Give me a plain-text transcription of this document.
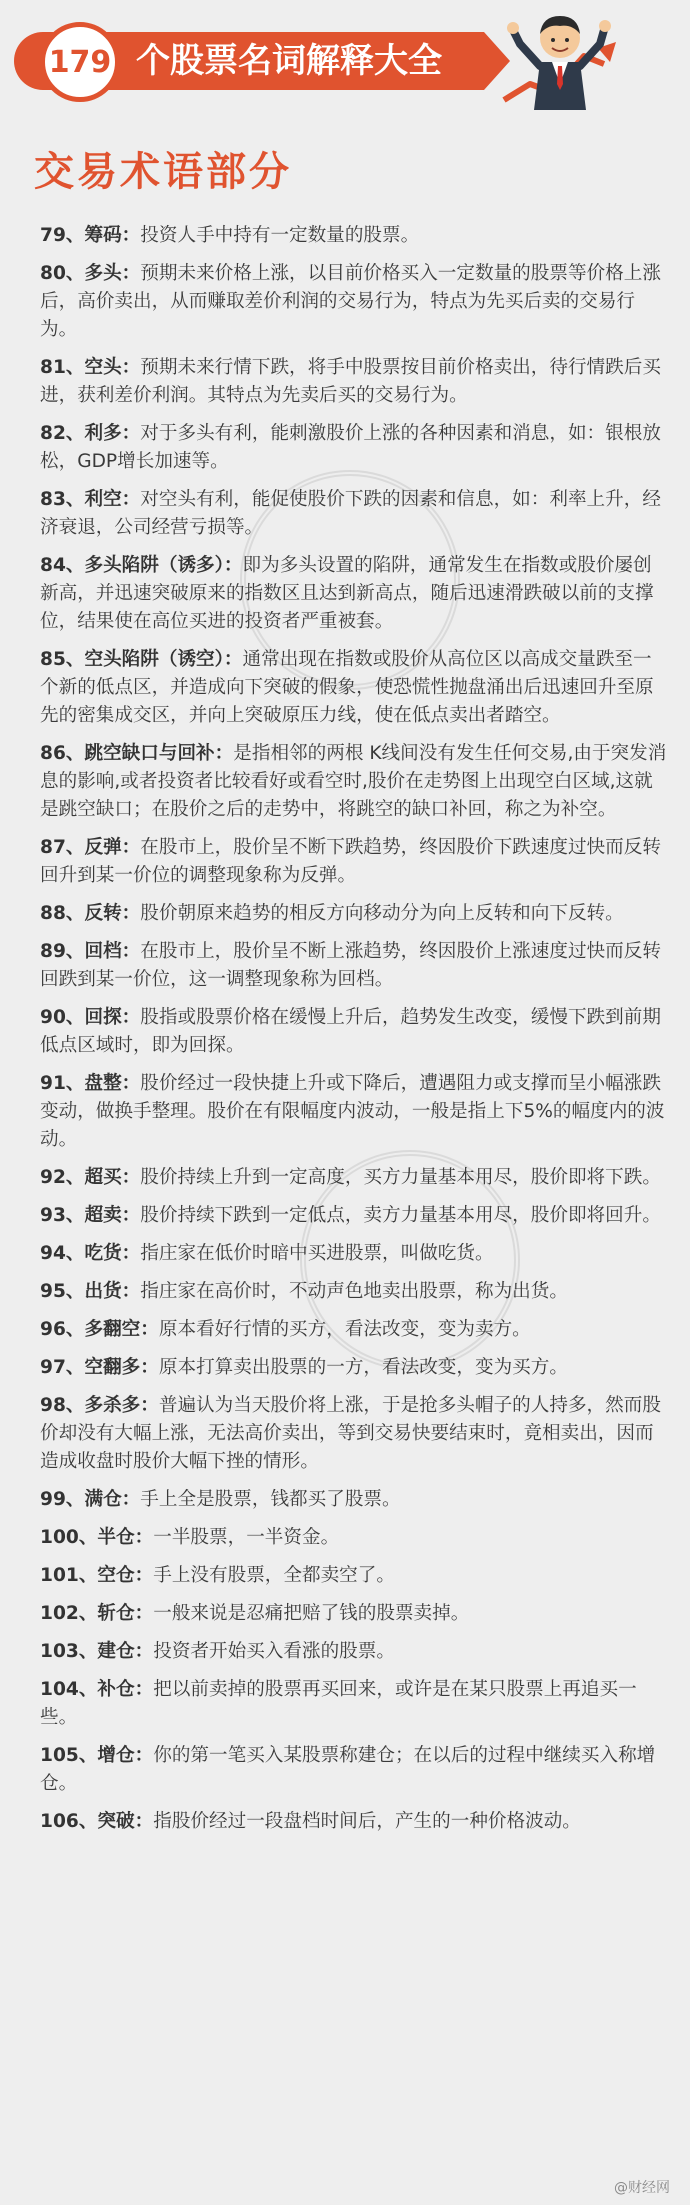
179 个股票名词解释大全
交易术语部分

79、筹码：投资人手中持有一定数量的股票。

80、多头：预期未来价格上涨，以目前价格买入一定数量的股票等价格上涨后，高价卖出，从而赚取差价利润的交易行为，特点为先买后卖的交易行为。

81、空头：预期未来行情下跌，将手中股票按目前价格卖出，待行情跌后买进，获利差价利润。其特点为先卖后买的交易行为。

82、利多：对于多头有利，能刺激股价上涨的各种因素和消息，如：银根放松，GDP增长加速等。

83、利空：对空头有利，能促使股价下跌的因素和信息，如：利率上升，经济衰退，公司经营亏损等。

84、多头陷阱（诱多）：即为多头设置的陷阱，通常发生在指数或股价屡创新高，并迅速突破原来的指数区且达到新高点，随后迅速滑跌破以前的支撑位，结果使在高位买进的投资者严重被套。

85、空头陷阱（诱空）：通常出现在指数或股价从高位区以高成交量跌至一个新的低点区，并造成向下突破的假象，使恐慌性抛盘涌出后迅速回升至原先的密集成交区，并向上突破原压力线，使在低点卖出者踏空。

86、跳空缺口与回补：是指相邻的两根 K线间没有发生任何交易,由于突发消息的影响,或者投资者比较看好或看空时,股价在走势图上出现空白区域,这就是跳空缺口；在股价之后的走势中，将跳空的缺口补回，称之为补空。

87、反弹：在股市上，股价呈不断下跌趋势，终因股价下跌速度过快而反转回升到某一价位的调整现象称为反弹。

88、反转：股价朝原来趋势的相反方向移动分为向上反转和向下反转。

89、回档：在股市上，股价呈不断上涨趋势，终因股价上涨速度过快而反转回跌到某一价位，这一调整现象称为回档。

90、回探：股指或股票价格在缓慢上升后，趋势发生改变，缓慢下跌到前期低点区域时，即为回探。

91、盘整：股价经过一段快捷上升或下降后，遭遇阻力或支撑而呈小幅涨跌变动，做换手整理。股价在有限幅度内波动，一般是指上下5%的幅度内的波动。

92、超买：股价持续上升到一定高度，买方力量基本用尽，股价即将下跌。

93、超卖：股价持续下跌到一定低点，卖方力量基本用尽，股价即将回升。

94、吃货：指庄家在低价时暗中买进股票，叫做吃货。

95、出货：指庄家在高价时，不动声色地卖出股票，称为出货。

96、多翻空：原本看好行情的买方，看法改变，变为卖方。

97、空翻多：原本打算卖出股票的一方，看法改变，变为买方。

98、多杀多：普遍认为当天股价将上涨，于是抢多头帽子的人持多，然而股价却没有大幅上涨，无法高价卖出，等到交易快要结束时，竟相卖出，因而造成收盘时股价大幅下挫的情形。

99、满仓：手上全是股票，钱都买了股票。

100、半仓：一半股票，一半资金。

101、空仓：手上没有股票，全都卖空了。

102、斩仓：一般来说是忍痛把赔了钱的股票卖掉。

103、建仓：投资者开始买入看涨的股票。

104、补仓：把以前卖掉的股票再买回来，或许是在某只股票上再追买一些。

105、增仓：你的第一笔买入某股票称建仓；在以后的过程中继续买入称增仓。

106、突破：指股价经过一段盘档时间后，产生的一种价格波动。

@财经网
